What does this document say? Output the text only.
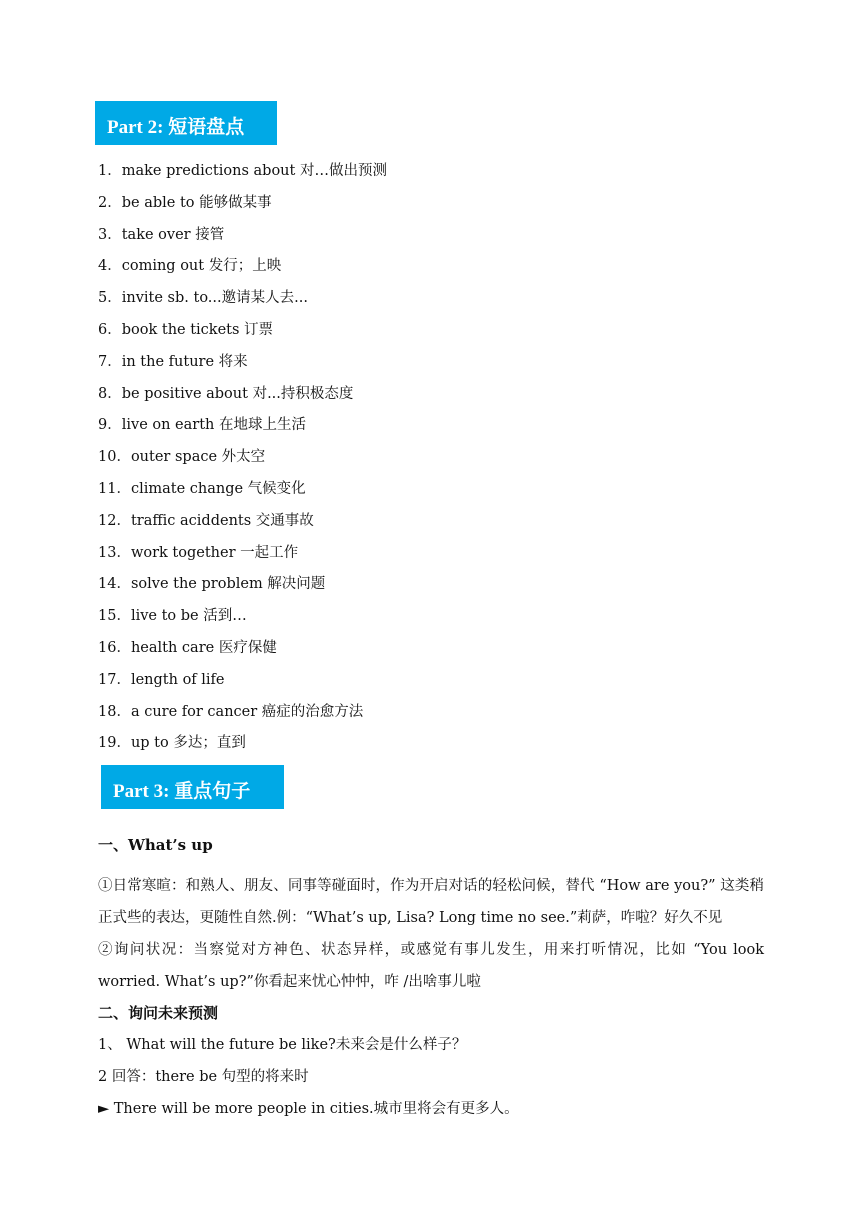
Part 2: 短语盘点
1．make predictions about 对…做出预测
2．be able to 能够做某事
3．take over 接管
4．coming out 发行；上映
5．invite sb. to...邀请某人去...
6．book the tickets 订票
7．in the future 将来
8．be positive about 对...持积极态度
9．live on earth 在地球上生活
10．outer space 外太空
11．climate change 气候变化
12．traffic aciddents 交通事故
13．work together 一起工作
14．solve the problem 解决问题
15．live to be 活到…
16．health care 医疗保健
17．length of life
18．a cure for cancer 癌症的治愈方法
19．up to 多达；直到
Part 3: 重点句子
一、What’s up
①日常寒暄：和熟人、朋友、同事等碰面时，作为开启对话的轻松问候，替代 “How are you?” 这类稍正式些的表达，更随性自然.例：“What’s up, Lisa? Long time no see.”莉萨，咋啦？好久不见
②询问状况：当察觉对方神色、状态异样，或感觉有事儿发生，用来打听情况，比如 “You look worried. What’s up?”你看起来忧心忡忡，咋 /出啥事儿啦
二、询问未来预测
1、 What will the future be like?未来会是什么样子？
2 回答：there be 句型的将来时
► There will be more people in cities.城市里将会有更多人。
